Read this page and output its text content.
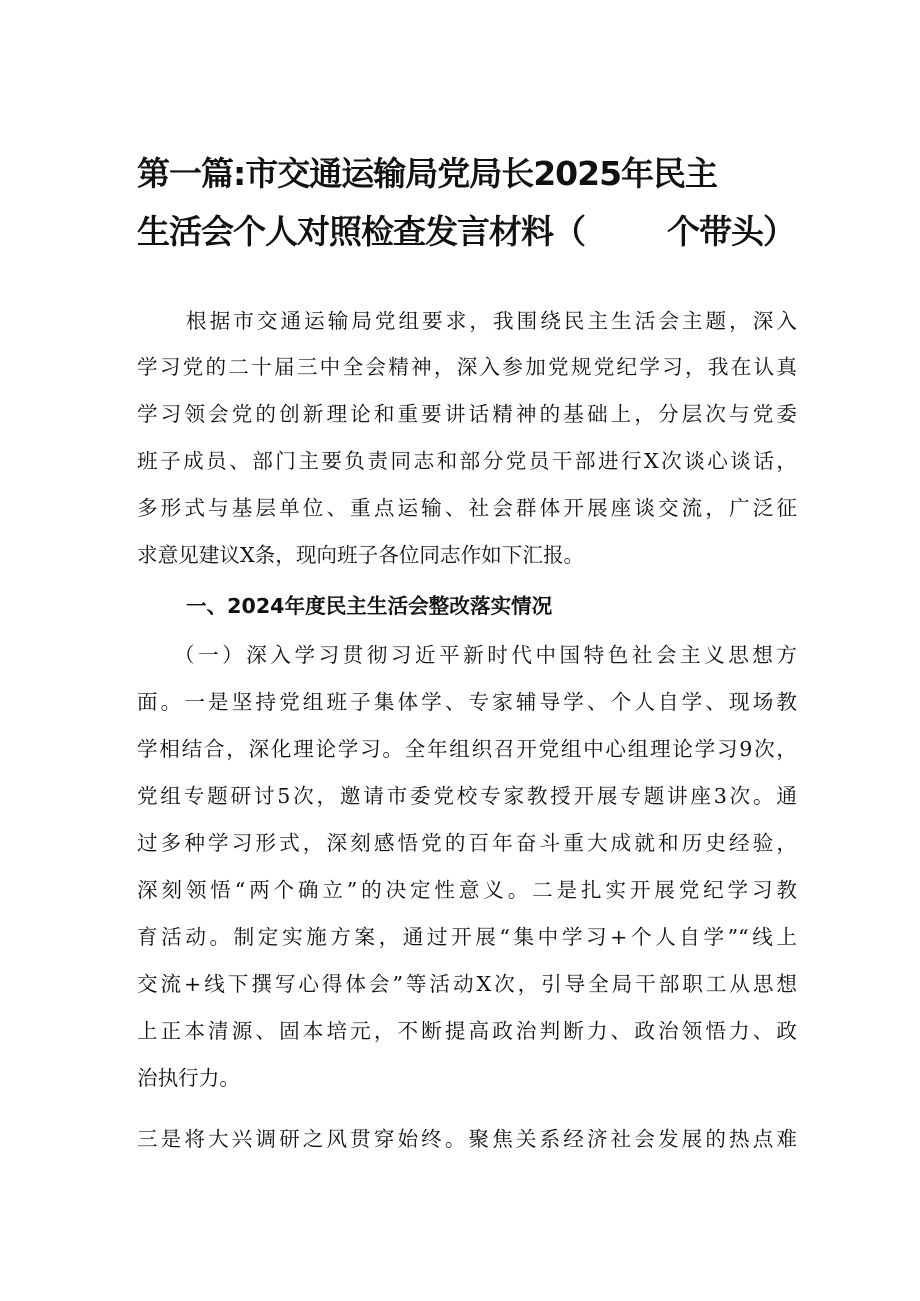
第一篇:市交通运输局党局长2025年民主
生活会个人对照检查发言材料（ 个带头）

根据市交通运输局党组要求，我围绕民主生活会主题，深入

学习党的二十届三中全会精神，深入参加党规党纪学习，我在认真

学习领会党的创新理论和重要讲话精神的基础上，分层次与党委

班子成员、部门主要负责同志和部分党员干部进行X次谈心谈话，

多形式与基层单位、重点运输、社会群体开展座谈交流，广泛征

求意见建议X条，现向班子各位同志作如下汇报。

一、2024年度民主生活会整改落实情况

（一）深入学习贯彻习近平新时代中国特色社会主义思想方

面。一是坚持党组班子集体学、专家辅导学、个人自学、现场教

学相结合，深化理论学习。全年组织召开党组中心组理论学习9次，

党组专题研讨5次，邀请市委党校专家教授开展专题讲座3次。通

过多种学习形式，深刻感悟党的百年奋斗重大成就和历史经验，

深刻领悟“两个确立”的决定性意义。二是扎实开展党纪学习教

育活动。制定实施方案，通过开展“集中学习+个人自学”“线上

交流+线下撰写心得体会”等活动X次，引导全局干部职工从思想

上正本清源、固本培元，不断提高政治判断力、政治领悟力、政

治执行力。

三是将大兴调研之风贯穿始终。聚焦关系经济社会发展的热点难
